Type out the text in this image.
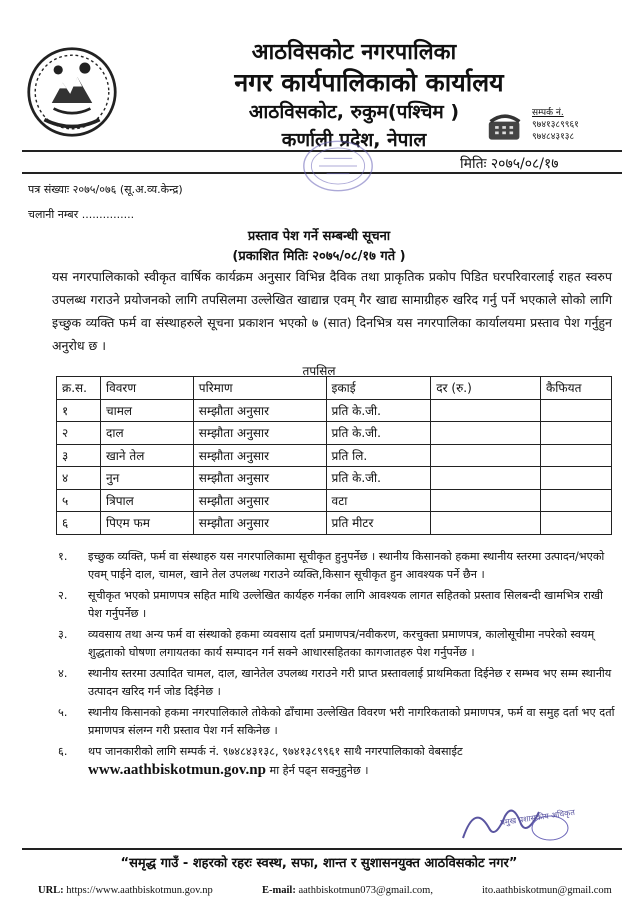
आठविसकोट नगरपालिका
नगर कार्यपालिकाको कार्यालय
आठविसकोट, रुकुम(पश्चिम )
कर्णाली प्रदेश, नेपाल
सम्पर्क नं.
९७४१३८९९६१
९७४८४३१३८
मितिः २०७५/०८/१७
पत्र संख्याः २०७५/०७६ (सू.अ.व्य.केन्द्र)
चलानी नम्बर ...............
प्रस्ताव पेश गर्ने सम्बन्धी सूचना
(प्रकाशित मितिः २०७५/०८/१७ गते )
यस नगरपालिकाको स्वीकृत वार्षिक कार्यक्रम अनुसार विभिन्न दैविक तथा प्राकृतिक प्रकोप पिडित घरपरिवारलाई राहत स्वरुप उपलब्ध गराउने प्रयोजनको लागि तपसिलमा उल्लेखित खाद्यान्न एवम् गैर खाद्य सामाग्रीहरु खरिद गर्नु पर्ने भएकाले सोको लागि इच्छुक व्यक्ति फर्म वा संस्थाहरुले सूचना प्रकाशन भएको ७ (सात) दिनभित्र यस नगरपालिका कार्यालयमा प्रस्ताव पेश गर्नुहुन अनुरोध छ ।
तपसिल
क्र.स.	विवरण	परिमाण	इकाई	दर (रु.)	कैफियत
१	चामल	सम्झौता अनुसार	प्रति के.जी.		
२	दाल	सम्झौता अनुसार	प्रति के.जी.		
३	खाने तेल	सम्झौता अनुसार	प्रति लि.		
४	नुन	सम्झौता अनुसार	प्रति के.जी.		
५	त्रिपाल	सम्झौता अनुसार	वटा		
६	पिएम फम	सम्झौता अनुसार	प्रति मीटर		
१. इच्छुक व्यक्ति, फर्म वा संस्थाहरु यस नगरपालिकामा सूचीकृत हुनुपर्नेछ । स्थानीय किसानको हकमा स्थानीय स्तरमा उत्पादन/भएको एवम् पाईने दाल, चामल, खाने तेल उपलब्ध गराउने व्यक्ति,किसान सूचीकृत हुन आवश्यक पर्ने छैन ।
२. सूचीकृत भएको प्रमाणपत्र सहित माथि उल्लेखित कार्यहरु गर्नका लागि आवश्यक लागत सहितको प्रस्ताव सिलबन्दी खामभित्र राखी पेश गर्नुपर्नेछ ।
३. व्यवसाय तथा अन्य फर्म वा संस्थाको हकमा व्यवसाय दर्ता प्रमाणपत्र/नवीकरण, करचुक्ता प्रमाणपत्र, कालोसूचीमा नपरेको स्वयम् शुद्धताको घोषणा लगायतका कार्य सम्पादन गर्न सक्ने आधारसहितका कागजातहरु पेश गर्नुपर्नेछ ।
४. स्थानीय स्तरमा उत्पादित चामल, दाल, खानेतेल उपलब्ध गराउने गरी प्राप्त प्रस्तावलाई प्राथमिकता दिईनेछ र सम्भव भए सम्म स्थानीय उत्पादन खरिद गर्न जोड दिईनेछ ।
५. स्थानीय किसानको हकमा नगरपालिकाले तोकेको ढाँचामा उल्लेखित विवरण भरी नागरिकताको प्रमाणपत्र, फर्म वा समुह दर्ता भए दर्ता प्रमाणपत्र संलग्न गरी प्रस्ताव पेश गर्न सकिनेछ ।
६. थप जानकारीको लागि सम्पर्क नं. ९७४८४३१३८, ९७४१३८९९६१ साथै नगरपालिकाको वेबसाईट
www.aathbiskotmun.gov.np मा हेर्न पढ्न सक्नुहुनेछ ।
प्रमुख प्रशासकीय अधिकृत
“समृद्ध गाउँ - शहरको रहरः स्वस्थ, सफा, शान्त र सुशासनयुक्त आठविसकोट नगर”
URL: https://www.aathbiskotmun.gov.np	E-mail: aathbiskotmun073@gmail.com,	ito.aathbiskotmun@gmail.com
